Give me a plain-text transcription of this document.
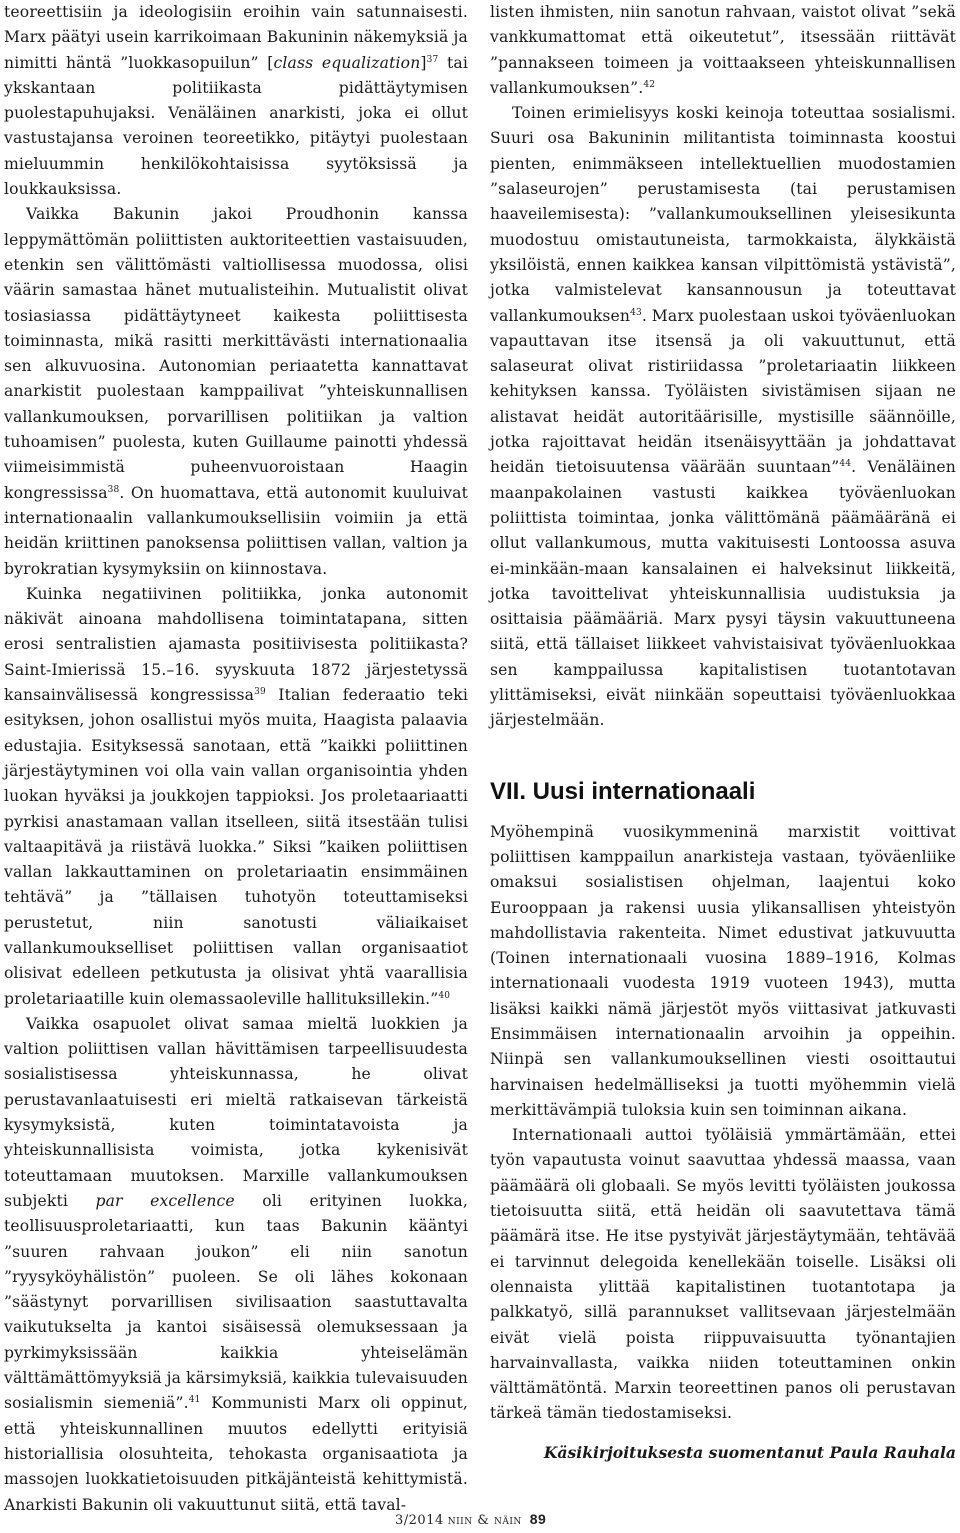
teoreettisiin ja ideologisiin eroihin vain satunnaisesti. Marx päätyi usein karrikoimaan Bakuninin näkemyksiä ja nimitti häntä ”luokkasopuilun” [class equalization]$^{37}$ tai ykskantaan politiikasta pidättäytymisen puolestapuhujaksi. Venäläinen anarkisti, joka ei ollut vastustajansa veroinen teoreetikko, pitäytyi puolestaan mieluummin henkilökohtaisissa syytöksissä ja loukkauksissa.

Vaikka Bakunin jakoi Proudhonin kanssa leppymättömän poliittisten auktoriteettien vastaisuuden, etenkin sen välittömästi valtiollisessa muodossa, olisi väärin samastaa hänet mutualisteihin. Mutualistit olivat tosiasiassa pidättäytyneet kaikesta poliittisesta toiminnasta, mikä rasitti merkittävästi internationaalia sen alkuvuosina. Autonomian periaatetta kannattavat anarkistit puolestaan kamppailivat ”yhteiskunnallisen vallankumouksen, porvarillisen politiikan ja valtion tuhoamisen” puolesta, kuten Guillaume painotti yhdessä viimeisimmistä puheenvuoroistaan Haagin kongressissa$^{38}$. On huomattava, että autonomit kuuluivat internationaalin vallankumouksellisiin voimiin ja että heidän kriittinen panoksensa poliittisen vallan, valtion ja byrokratian kysymyksiin on kiinnostava.

Kuinka negatiivinen politiikka, jonka autonomit näkivät ainoana mahdollisena toimintatapana, sitten erosi sentralistien ajamasta positiivisesta politiikasta? Saint-Imierissä 15.–16. syyskuuta 1872 järjestetyssä kansainvälisessä kongressissa$^{39}$ Italian federaatio teki esityksen, johon osallistui myös muita, Haagista palaavia edustajia. Esityksessä sanotaan, että ”kaikki poliittinen järjestäytyminen voi olla vain vallan organisointia yhden luokan hyväksi ja joukkojen tappioksi. Jos proletaariaatti pyrkisi anastamaan vallan itselleen, siitä itsestään tulisi valtaapitävä ja riistävä luokka.” Siksi ”kaiken poliittisen vallan lakkauttaminen on proletariaatin ensimmäinen tehtävä” ja ”tällaisen tuhotyön toteuttamiseksi perustetut, niin sanotusti väliaikaiset vallankumoukselliset poliittisen vallan organisaatiot olisivat edelleen petkutusta ja olisivat yhtä vaarallisia proletariaatille kuin olemassaoleville hallituksillekin.”$^{40}$

Vaikka osapuolet olivat samaa mieltä luokkien ja valtion poliittisen vallan hävittämisen tarpeellisuudesta sosialistisessa yhteiskunnassa, he olivat perustavanlaatuisesti eri mieltä ratkaisevan tärkeistä kysymyksistä, kuten toimintatavoista ja yhteiskunnallisista voimista, jotka kykenisivät toteuttamaan muutoksen. Marxille vallankumouksen subjekti par excellence oli erityinen luokka, teollisuusproletariaatti, kun taas Bakunin kääntyi ”suuren rahvaan joukon” eli niin sanotun ”ryysyköyhälistön” puoleen. Se oli lähes kokonaan ”säästynyt porvarillisen sivilisaation saastuttavalta vaikutukselta ja kantoi sisäisessä olemuksessaan ja pyrkimyksissään kaikkia yhteiselämän välttämättömyyksiä ja kärsimyksiä, kaikkia tulevaisuuden sosialismin siemeniä”.$^{41}$ Kommunisti Marx oli oppinut, että yhteiskunnallinen muutos edellytti erityisiä historiallisia olosuhteita, tehokasta organisaatiota ja massojen luokkatietoisuuden pitkäjänteistä kehittymistä. Anarkisti Bakunin oli vakuuttunut siitä, että taval-

listen ihmisten, niin sanotun rahvaan, vaistot olivat ”sekä vankkumattomat että oikeutetut”, itsessään riittävät ”pannakseen toimeen ja voittaakseen yhteiskunnallisen vallankumouksen”.$^{42}$

Toinen erimielisyys koski keinoja toteuttaa sosialismi. Suuri osa Bakuninin militantista toiminnasta koostui pienten, enimmäkseen intellektuellien muodostamien ”salaseurojen” perustamisesta (tai perustamisen haaveilemisesta): ”vallankumouksellinen yleisesikunta muodostuu omistautuneista, tarmokkaista, älykkäistä yksilöistä, ennen kaikkea kansan vilpittömistä ystävistä”, jotka valmistelevat kansannousun ja toteuttavat vallankumouksen$^{43}$. Marx puolestaan uskoi työväenluokan vapauttavan itse itsensä ja oli vakuuttunut, että salaseurat olivat ristiriidassa ”proletariaatin liikkeen kehityksen kanssa. Työläisten sivistämisen sijaan ne alistavat heidät autoritäärisille, mystisille säännöille, jotka rajoittavat heidän itsenäisyyttään ja johdattavat heidän tietoisuutensa väärään suuntaan”$^{44}$. Venäläinen maanpakolainen vastusti kaikkea työväenluokan poliittista toimintaa, jonka välittömänä päämääränä ei ollut vallankumous, mutta vakituisesti Lontoossa asuva ei-minkään-maan kansalainen ei halveksinut liikkeitä, jotka tavoittelivat yhteiskunnallisia uudistuksia ja osittaisia päämääriä. Marx pysyi täysin vakuuttuneena siitä, että tällaiset liikkeet vahvistaisivat työväenluokkaa sen kamppailussa kapitalistisen tuotantotavan ylittämiseksi, eivät niinkään sopeuttaisi työväenluokkaa järjestelmään.

VII. Uusi internationaali

Myöhempinä vuosikymmeninä marxistit voittivat poliittisen kamppailun anarkisteja vastaan, työväenliike omaksui sosialistisen ohjelman, laajentui koko Eurooppaan ja rakensi uusia ylikansallisen yhteistyön mahdollistavia rakenteita. Nimet edustivat jatkuvuutta (Toinen internationaali vuosina 1889–1916, Kolmas internationaali vuodesta 1919 vuoteen 1943), mutta lisäksi kaikki nämä järjestöt myös viittasivat jatkuvasti Ensimmäisen internationaalin arvoihin ja oppeihin. Niinpä sen vallankumouksellinen viesti osoittautui harvinaisen hedelmälliseksi ja tuotti myöhemmin vielä merkittävämpiä tuloksia kuin sen toiminnan aikana.

Internationaali auttoi työläisiä ymmärtämään, ettei työn vapautusta voinut saavuttaa yhdessä maassa, vaan päämäärä oli globaali. Se myös levitti työläisten joukossa tietoisuutta siitä, että heidän oli saavutettava tämä päämärä itse. He itse pystyivät järjestäytymään, tehtävää ei tarvinnut delegoida kenellekään toiselle. Lisäksi oli olennaista ylittää kapitalistinen tuotantotapa ja palkkatyö, sillä parannukset vallitsevaan järjestelmään eivät vielä poista riippuvaisuutta työnantajien harvainvallasta, vaikka niiden toteuttaminen onkin välttämätöntä. Marxin teoreettinen panos oli perustavan tärkeä tämän tiedostamiseksi.

Käsikirjoituksesta suomentanut Paula Rauhala
3/2014 niin & näin 89
